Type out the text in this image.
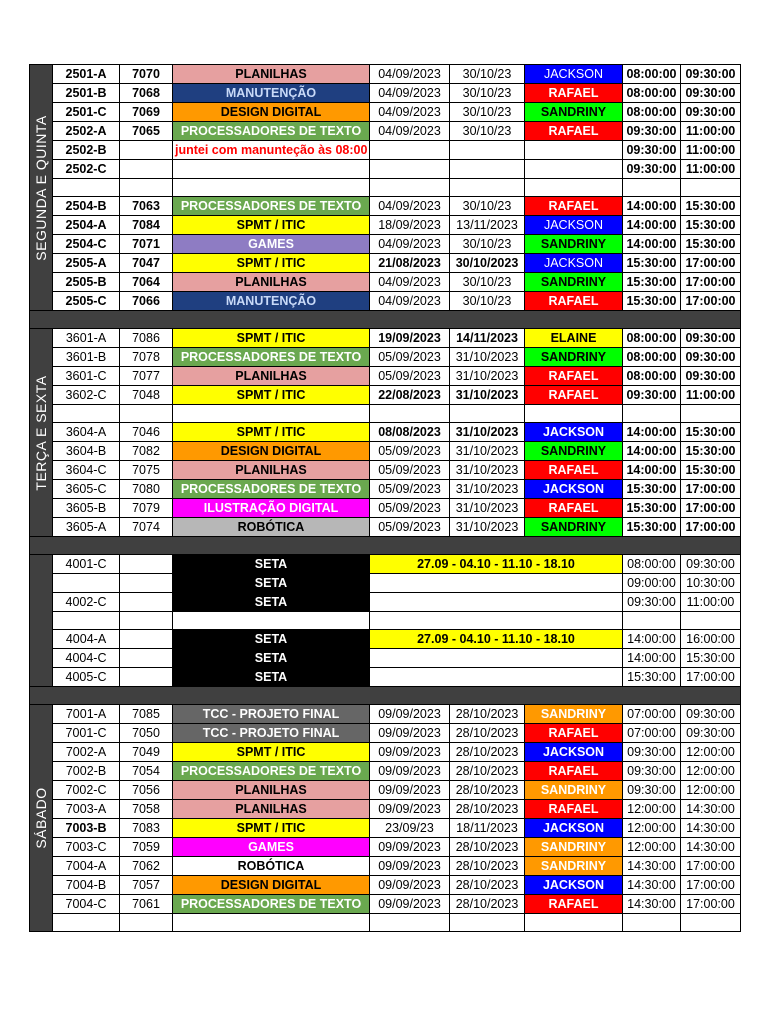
SEGUNDA E QUINTA	2501-A	7070	PLANILHAS	04/09/2023	30/10/23	JACKSON	08:00:00	09:30:00
	2501-B	7068	MANUTENÇÃO	04/09/2023	30/10/23	RAFAEL	08:00:00	09:30:00
	2501-C	7069	DESIGN DIGITAL	04/09/2023	30/10/23	SANDRINY	08:00:00	09:30:00
	2502-A	7065	PROCESSADORES DE TEXTO	04/09/2023	30/10/23	RAFAEL	09:30:00	11:00:00
	2502-B		juntei com manunteção às 08:00				09:30:00	11:00:00
	2502-C						09:30:00	11:00:00

	2504-B	7063	PROCESSADORES DE TEXTO	04/09/2023	30/10/23	RAFAEL	14:00:00	15:30:00
	2504-A	7084	SPMT / ITIC	18/09/2023	13/11/2023	JACKSON	14:00:00	15:30:00
	2504-C	7071	GAMES	04/09/2023	30/10/23	SANDRINY	14:00:00	15:30:00
	2505-A	7047	SPMT / ITIC	21/08/2023	30/10/2023	JACKSON	15:30:00	17:00:00
	2505-B	7064	PLANILHAS	04/09/2023	30/10/23	SANDRINY	15:30:00	17:00:00
	2505-C	7066	MANUTENÇÃO	04/09/2023	30/10/23	RAFAEL	15:30:00	17:00:00

TERÇA E SEXTA	3601-A	7086	SPMT / ITIC	19/09/2023	14/11/2023	ELAINE	08:00:00	09:30:00
	3601-B	7078	PROCESSADORES DE TEXTO	05/09/2023	31/10/2023	SANDRINY	08:00:00	09:30:00
	3601-C	7077	PLANILHAS	05/09/2023	31/10/2023	RAFAEL	08:00:00	09:30:00
	3602-C	7048	SPMT / ITIC	22/08/2023	31/10/2023	RAFAEL	09:30:00	11:00:00

	3604-A	7046	SPMT / ITIC	08/08/2023	31/10/2023	JACKSON	14:00:00	15:30:00
	3604-B	7082	DESIGN DIGITAL	05/09/2023	31/10/2023	SANDRINY	14:00:00	15:30:00
	3604-C	7075	PLANILHAS	05/09/2023	31/10/2023	RAFAEL	14:00:00	15:30:00
	3605-C	7080	PROCESSADORES DE TEXTO	05/09/2023	31/10/2023	JACKSON	15:30:00	17:00:00
	3605-B	7079	ILUSTRAÇÃO DIGITAL	05/09/2023	31/10/2023	RAFAEL	15:30:00	17:00:00
	3605-A	7074	ROBÓTICA	05/09/2023	31/10/2023	SANDRINY	15:30:00	17:00:00

	4001-C		SETA	27.09 - 04.10 - 11.10 - 18.10			08:00:00	09:30:00
			SETA				09:00:00	10:30:00
	4002-C		SETA				09:30:00	11:00:00

	4004-A		SETA	27.09 - 04.10 - 11.10 - 18.10			14:00:00	16:00:00
	4004-C		SETA				14:00:00	15:30:00
	4005-C		SETA				15:30:00	17:00:00

SÁBADO	7001-A	7085	TCC - PROJETO FINAL	09/09/2023	28/10/2023	SANDRINY	07:00:00	09:30:00
	7001-C	7050	TCC - PROJETO FINAL	09/09/2023	28/10/2023	RAFAEL	07:00:00	09:30:00
	7002-A	7049	SPMT / ITIC	09/09/2023	28/10/2023	JACKSON	09:30:00	12:00:00
	7002-B	7054	PROCESSADORES DE TEXTO	09/09/2023	28/10/2023	RAFAEL	09:30:00	12:00:00
	7002-C	7056	PLANILHAS	09/09/2023	28/10/2023	SANDRINY	09:30:00	12:00:00
	7003-A	7058	PLANILHAS	09/09/2023	28/10/2023	RAFAEL	12:00:00	14:30:00
	7003-B	7083	SPMT / ITIC	23/09/23	18/11/2023	JACKSON	12:00:00	14:30:00
	7003-C	7059	GAMES	09/09/2023	28/10/2023	SANDRINY	12:00:00	14:30:00
	7004-A	7062	ROBÓTICA	09/09/2023	28/10/2023	SANDRINY	14:30:00	17:00:00
	7004-B	7057	DESIGN DIGITAL	09/09/2023	28/10/2023	JACKSON	14:30:00	17:00:00
	7004-C	7061	PROCESSADORES DE TEXTO	09/09/2023	28/10/2023	RAFAEL	14:30:00	17:00:00
